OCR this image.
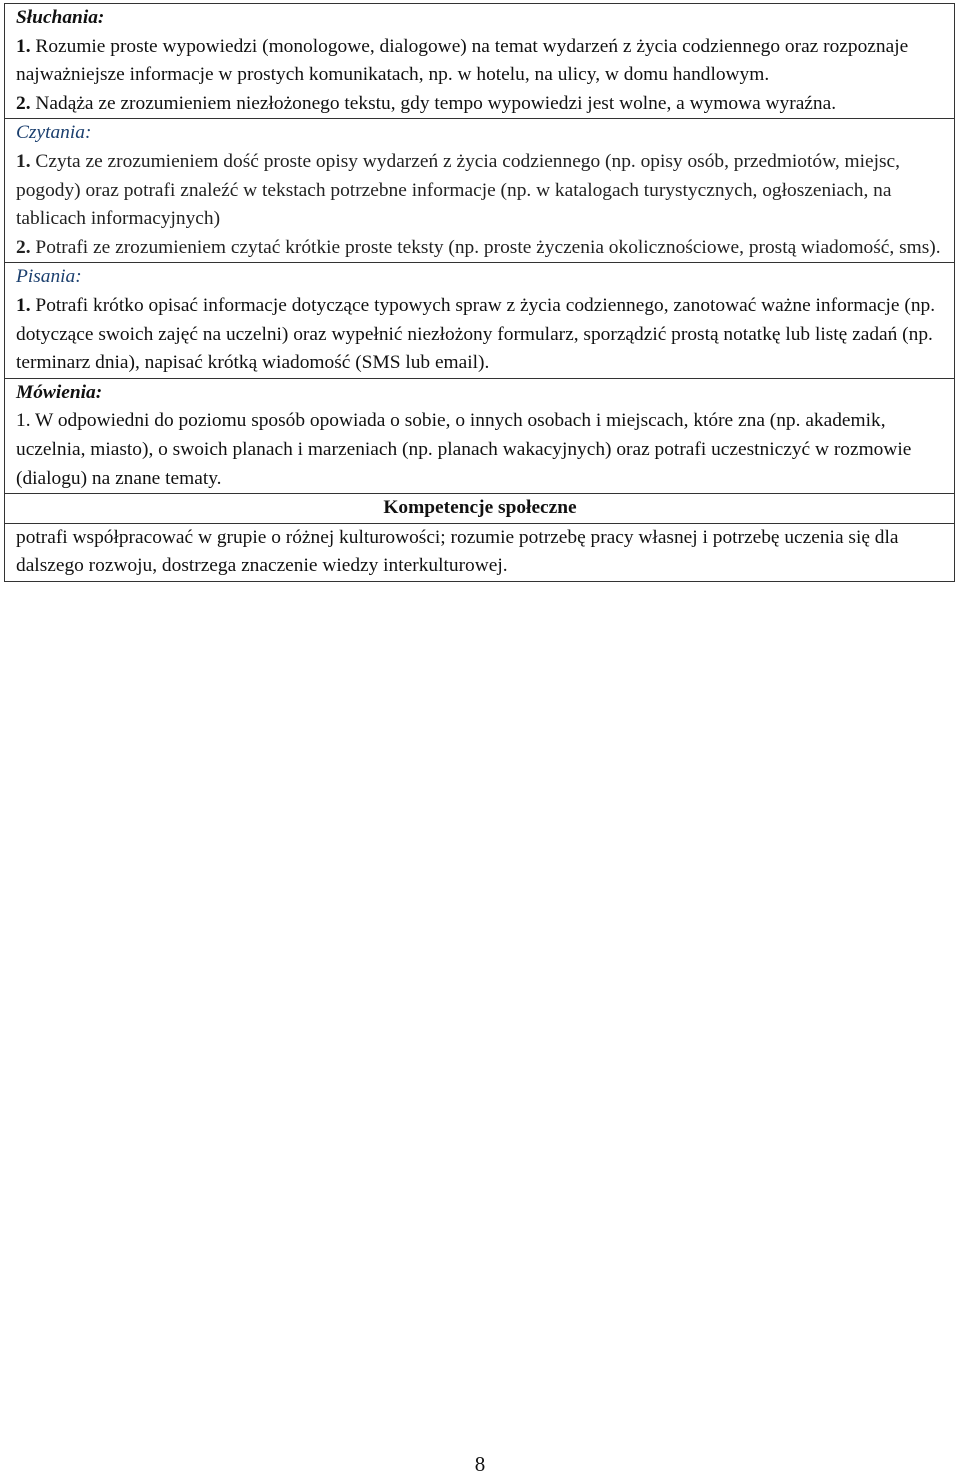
Słuchania:

1. Rozumie proste wypowiedzi (monologowe, dialogowe) na temat wydarzeń z życia codziennego oraz rozpoznaje najważniejsze informacje w prostych komunikatach, np. w hotelu, na ulicy, w domu handlowym.

2. Nadąża ze zrozumieniem niezłożonego tekstu, gdy tempo wypowiedzi jest wolne, a wymowa wyraźna.

Czytania:

1. Czyta ze zrozumieniem dość proste opisy wydarzeń z życia codziennego (np. opisy osób, przedmiotów, miejsc, pogody) oraz potrafi znaleźć w tekstach potrzebne informacje (np. w katalogach turystycznych, ogłoszeniach, na tablicach informacyjnych)

2. Potrafi ze zrozumieniem czytać krótkie proste teksty (np. proste życzenia okolicznościowe, prostą wiadomość, sms).

Pisania:

1. Potrafi krótko opisać informacje dotyczące typowych spraw z życia codziennego, zanotować ważne informacje (np. dotyczące swoich zajęć na uczelni) oraz wypełnić niezłożony formularz, sporządzić prostą notatkę lub listę zadań (np. terminarz dnia), napisać krótką wiadomość (SMS lub email).

Mówienia:

1. W odpowiedni do poziomu sposób opowiada o sobie, o innych osobach i miejscach, które zna (np. akademik, uczelnia, miasto), o swoich planach i marzeniach (np. planach wakacyjnych) oraz potrafi uczestniczyć w rozmowie (dialogu) na znane tematy.

Kompetencje społeczne
potrafi współpracować w grupie o różnej kulturowości; rozumie potrzebę pracy własnej i potrzebę uczenia się dla dalszego rozwoju, dostrzega znaczenie wiedzy interkulturowej.
8
